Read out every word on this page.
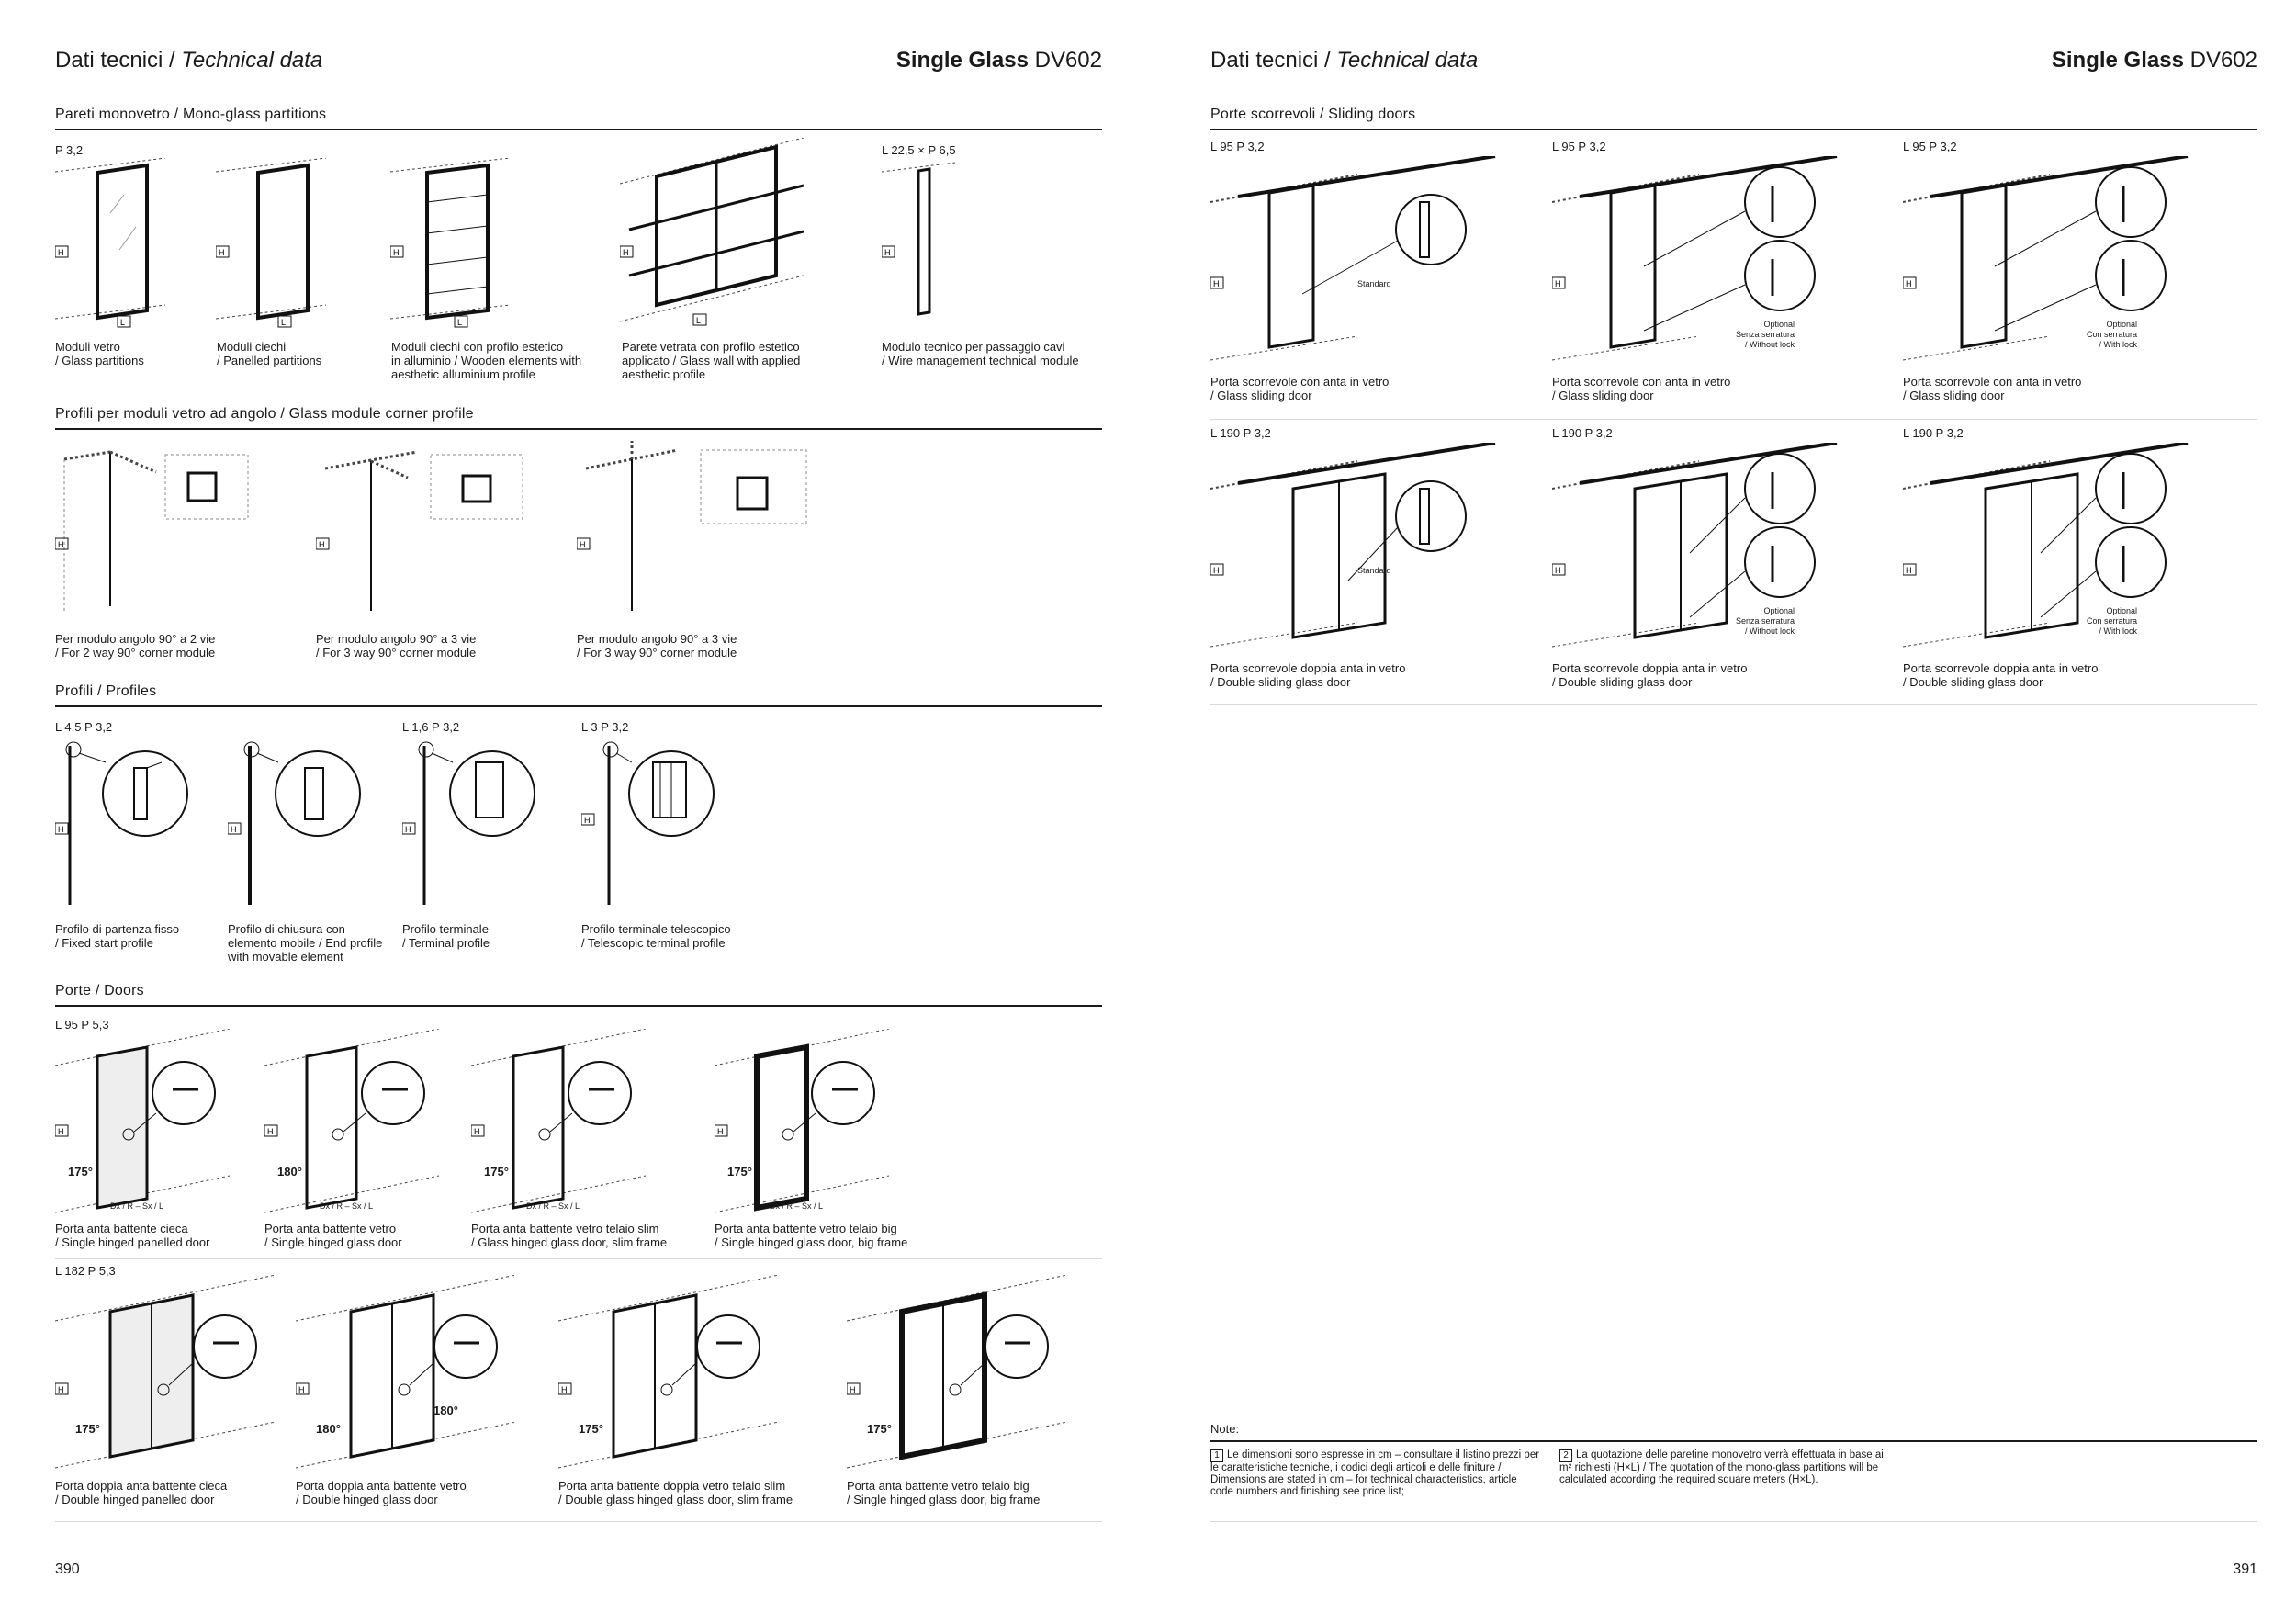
Dati tecnici / Technical data	Single Glass DV602
Pareti monovetro / Mono-glass partitions
P 3,2	L 22,5 × P 6,5
H
L
H
L
H
L
H
L
H
Moduli vetro
/ Glass partitions
Moduli ciechi
/ Panelled partitions
Moduli ciechi con profilo estetico
in alluminio / Wooden elements with
aesthetic alluminium profile
Parete vetrata con profilo estetico
applicato / Glass wall with applied
aesthetic profile
Modulo tecnico per passaggio cavi
/ Wire management technical module
Profili per moduli vetro ad angolo / Glass module corner profile
H	H	H
Per modulo angolo 90° a 2 vie
/ For 2 way 90° corner module
Per modulo angolo 90° a 3 vie
/ For 3 way 90° corner module
Per modulo angolo 90° a 3 vie
/ For 3 way 90° corner module
Profili / Profiles
L 4,5 P 3,2	L 1,6 P 3,2	L 3 P 3,2
H	H	H
H
Profilo di partenza fisso
/ Fixed start profile
Profilo di chiusura con
elemento mobile / End profile
with movable element
Profilo terminale
/ Terminal profile
Profilo terminale telescopico
/ Telescopic terminal profile
Porte / Doors
L 95 P 5,3
L 182 P 5,3
390
H
175°
Dx / R – Sx / L
Porta anta battente cieca
/ Single hinged panelled door
H
180°
Dx / R – Sx / L
Porta anta battente vetro
/ Single hinged glass door
H
175°
Dx / R – Sx / L
Porta anta battente vetro telaio slim
/ Glass hinged glass door, slim frame
H
175°
Dx / R – Sx / L
Porta anta battente vetro telaio big
/ Single hinged glass door, big frame
H
175°
Porta doppia anta battente cieca
/ Double hinged panelled door
H
180°
180°
Porta doppia anta battente vetro
/ Double hinged glass door
H
175°
Porta anta battente doppia vetro telaio slim
/ Double glass hinged glass door, slim frame
H
175°
Porta anta battente vetro telaio big
/ Single hinged glass door, big frame
Dati tecnici / Technical data	Single Glass DV602
Porte scorrevoli / Sliding doors
Note:
1 Le dimensioni sono espresse in cm – consultare il listino prezzi per le caratteristiche tecniche, i codici degli articoli e delle finiture / Dimensions are stated in cm – for technical characteristics, article code numbers and finishing see price list;
2 La quotazione delle paretine monovetro verrà effettuata in base ai m² richiesti (H×L) / The quotation of the mono-glass partitions will be calculated according the required square meters (H×L).
391
L 95 P 3,2
H	Standard
Porta scorrevole con anta in vetro
/ Glass sliding door
L 95 P 3,2
H
Optional
Senza serratura
/ Without lock
Porta scorrevole con anta in vetro
/ Glass sliding door
L 95 P 3,2
H
Optional
Con serratura
/ With lock
Porta scorrevole con anta in vetro
/ Glass sliding door
L 190 P 3,2
H	Standard
Porta scorrevole doppia anta in vetro
/ Double sliding glass door
L 190 P 3,2
H
Optional
Senza serratura
/ Without lock
Porta scorrevole doppia anta in vetro
/ Double sliding glass door
L 190 P 3,2
H
Optional
Con serratura
/ With lock
Porta scorrevole doppia anta in vetro
/ Double sliding glass door
